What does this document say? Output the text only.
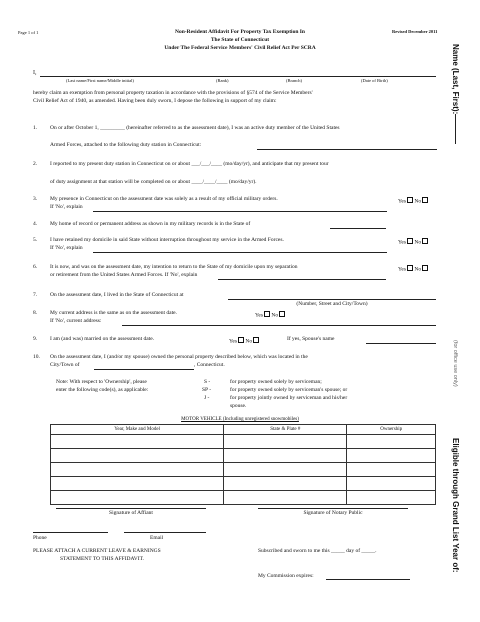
Page 1 of 1	Non-Resident Affidavit For Property Tax Exemption In
The State of Connecticut
Under The Federal Service Members' Civil Relief Act Per SCRA
Revised December 2011
I,
(Last name/First name/Middle initial)	(Rank)	(Branch)	(Date of Birth)
hereby claim an exemption from personal property taxation in accordance with the provisions of §574 of the Service Members'
Civil Relief Act of 1940, as amended. Having been duly sworn, I depose the following in support of my claim:
1. On or after October 1, _________ (hereinafter referred to as the assessment date), I was an active duty member of the United States
Armed Forces, attached to the following duty station in Connecticut:
2. I reported to my present duty station in Connecticut on or about ___/___/____ (mo/day/yr), and anticipate that my present tour
of duty assignment at that station will be completed on or about ____/____/____ (mo/day/yr).
3. My presence in Connecticut on the assessment date was solely as a result of my official military orders.	Yes No
If 'No', explain
4. My home of record or permanent address as shown in my military records is in the State of
5. I have retained my domicile in said State without interruption throughout my service in the Armed Forces.	Yes No
If 'No', explain
6. It is now, and was on the assessment date, my intention to return to the State of my domicile upon my separation	Yes No
or retirement from the United States Armed Forces. If 'No', explain
7. On the assessment date, I lived in the State of Connecticut at
(Number, Street and City/Town)
8. My current address is the same as on the assessment date.	Yes No
If 'No', current address:
9. I am (and was) married on the assessment date.	Yes No	If yes, Spouse's name
10. On the assessment date, I (and/or my spouse) owned the personal property described below, which was located in the
City/Town of	, Connecticut.
Note: With respect to 'Ownership', please
enter the following code(s), as applicable:
S -	for property owned solely by serviceman;
SP -	for property owned solely by serviceman's spouse; or
J -	for property jointly owned by serviceman and his/her
spouse.
MOTOR VEHICLE (Including unregistered snowmobiles)
Year, Make and Model	State & Plate #	Ownership

Signature of Affiant	Signature of Notary Public
Phone	Email
PLEASE ATTACH A CURRENT LEAVE & EARNINGS
STATEMENT TO THIS AFFIDAVIT.
Subscribed and sworn to me this _____ day of _____.
My Commission expires:
Name (Last, First):
(for office use only)
Eligible through Grand List Year of:
